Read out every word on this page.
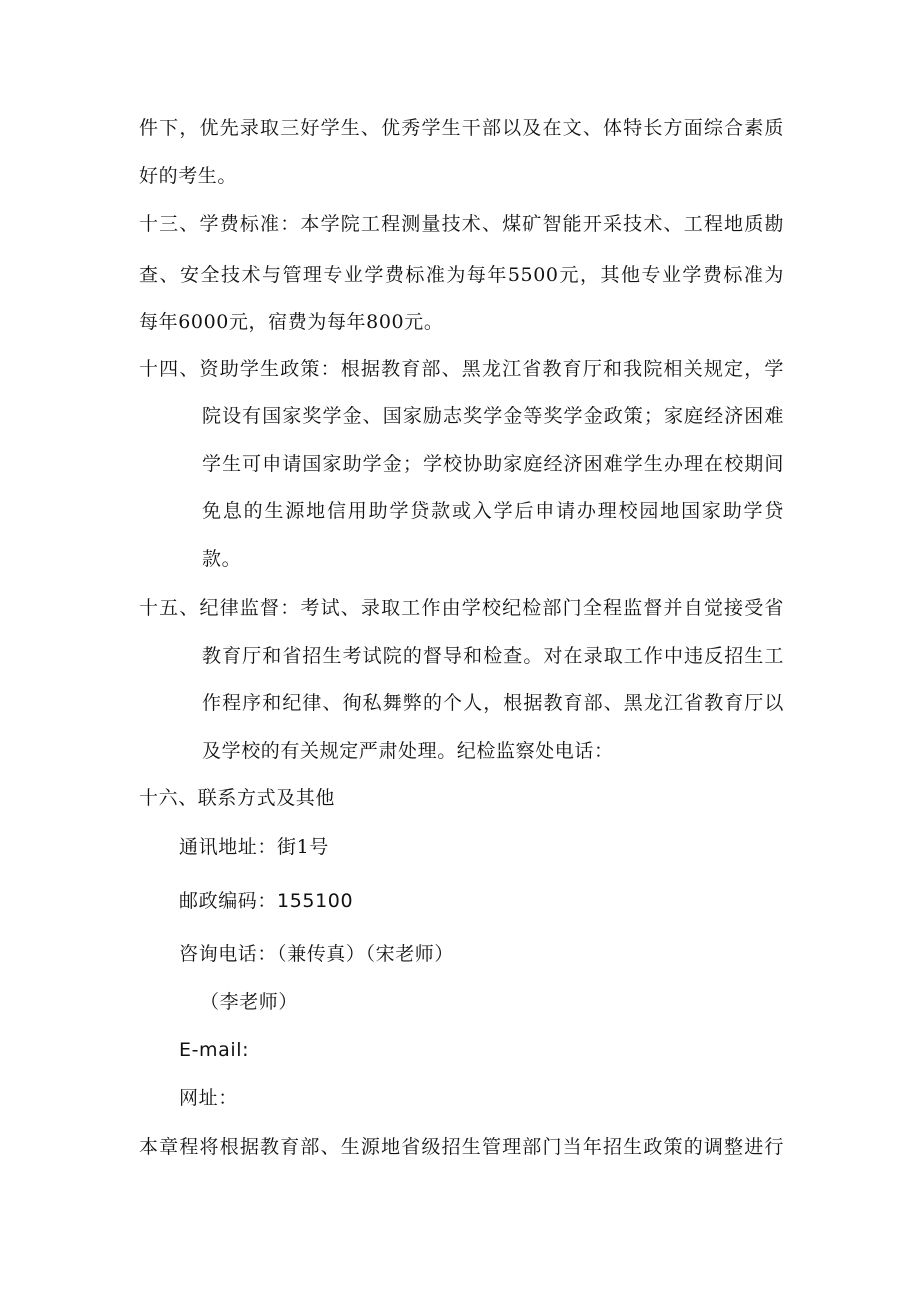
件下，优先录取三好学生、优秀学生干部以及在文、体特长方面综合素质
好的考生。
十三、学费标准：本学院工程测量技术、煤矿智能开采技术、工程地质勘
查、安全技术与管理专业学费标准为每年5500元，其他专业学费标准为
每年6000元，宿费为每年800元。
十四、资助学生政策：根据教育部、黑龙江省教育厅和我院相关规定，学
院设有国家奖学金、国家励志奖学金等奖学金政策；家庭经济困难
学生可申请国家助学金；学校协助家庭经济困难学生办理在校期间
免息的生源地信用助学贷款或入学后申请办理校园地国家助学贷
款。
十五、纪律监督：考试、录取工作由学校纪检部门全程监督并自觉接受省
教育厅和省招生考试院的督导和检查。对在录取工作中违反招生工
作程序和纪律、徇私舞弊的个人，根据教育部、黑龙江省教育厅以
及学校的有关规定严肃处理。纪检监察处电话：
十六、联系方式及其他
通讯地址：街1号
邮政编码：155100
咨询电话：（兼传真）（宋老师）
（李老师）
E-mail:
网址：
本章程将根据教育部、生源地省级招生管理部门当年招生政策的调整进行
